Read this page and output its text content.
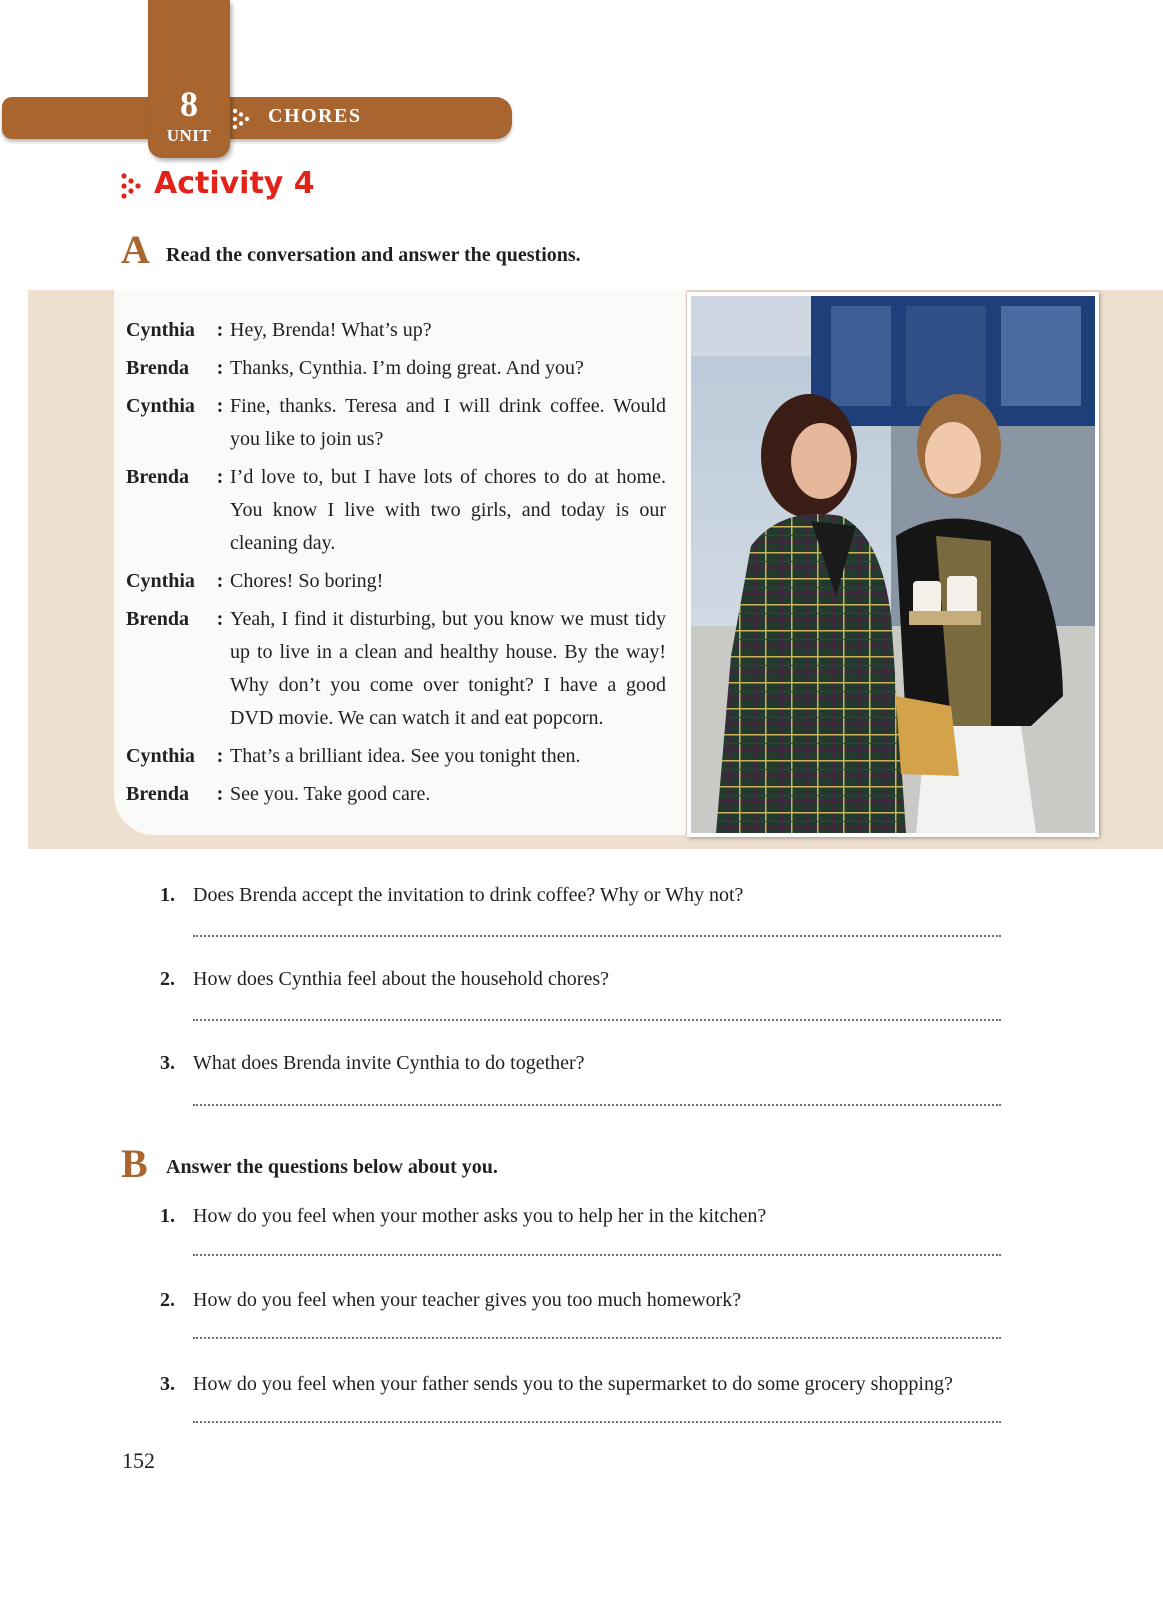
8
UNIT
CHORES
Activity 4
A Read the conversation and answer the questions.
Cynthia	: Hey, Brenda! What’s up?
Brenda	: Thanks, Cynthia. I’m doing great. And you?
Cynthia	: Fine, thanks. Teresa and I will drink coffee. Would you like to join us?
Brenda	: I’d love to, but I have lots of chores to do at home. You know I live with two girls, and today is our cleaning day.
Cynthia	: Chores! So boring!
Brenda	: Yeah, I find it disturbing, but you know we must tidy up to live in a clean and healthy house. By the way! Why don’t you come over tonight? I have a good DVD movie. We can watch it and eat popcorn.
Cynthia	: That’s a brilliant idea. See you tonight then.
Brenda	: See you. Take good care.
1. Does Brenda accept the invitation to drink coffee? Why or Why not?
2. How does Cynthia feel about the household chores?
3. What does Brenda invite Cynthia to do together?
B Answer the questions below about you.
1. How do you feel when your mother asks you to help her in the kitchen?
2. How do you feel when your teacher gives you too much homework?
3. How do you feel when your father sends you to the supermarket to do some grocery shopping?
152
